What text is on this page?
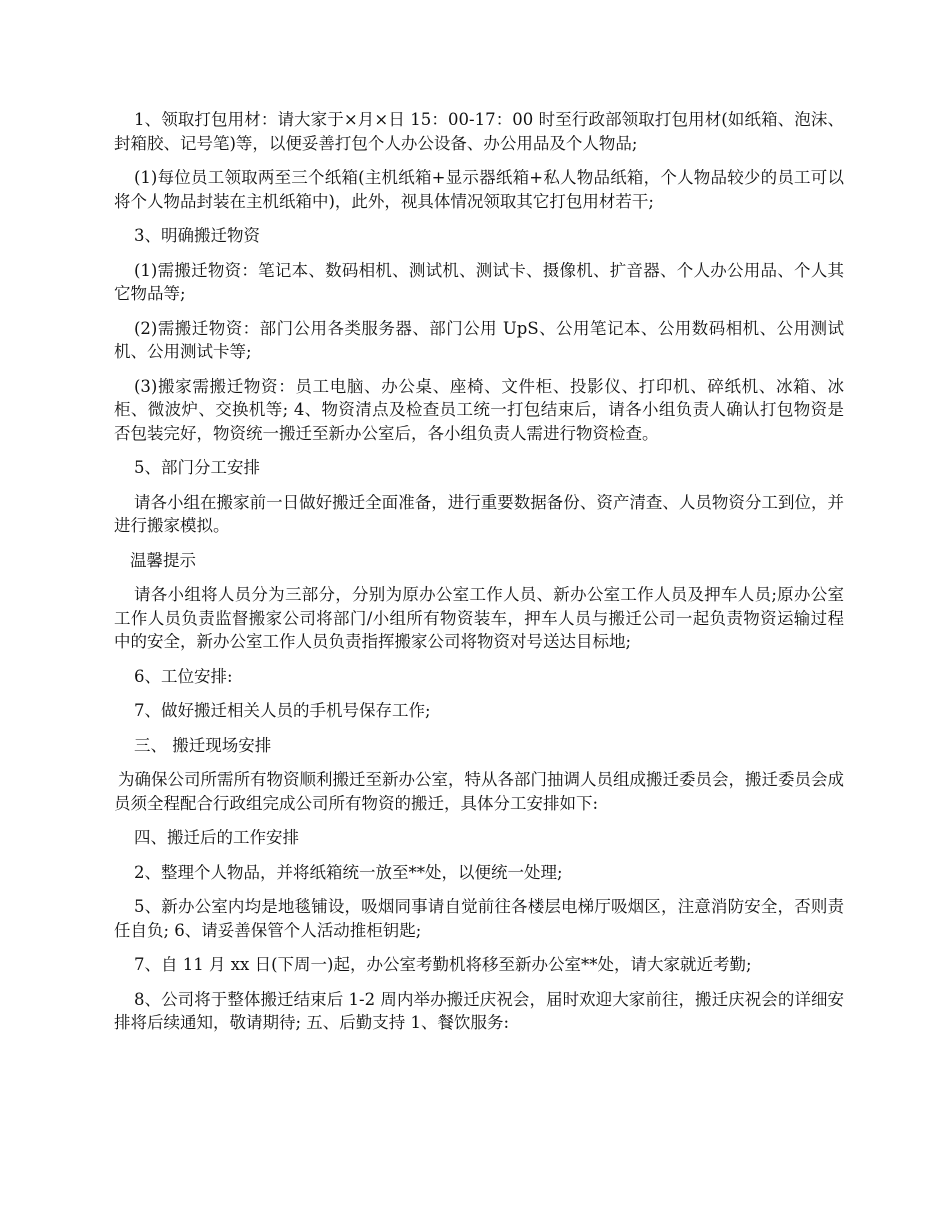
1、领取打包用材：请大家于×月×日 15：00-17：00 时至行政部领取打包用材(如纸箱、泡沫、封箱胶、记号笔)等，以便妥善打包个人办公设备、办公用品及个人物品;

(1)每位员工领取两至三个纸箱(主机纸箱+显示器纸箱+私人物品纸箱，个人物品较少的员工可以将个人物品封装在主机纸箱中)，此外，视具体情况领取其它打包用材若干;

3、明确搬迁物资

(1)需搬迁物资：笔记本、数码相机、测试机、测试卡、摄像机、扩音器、个人办公用品、个人其它物品等;

(2)需搬迁物资：部门公用各类服务器、部门公用 UpS、公用笔记本、公用数码相机、公用测试机、公用测试卡等;

(3)搬家需搬迁物资：员工电脑、办公桌、座椅、文件柜、投影仪、打印机、碎纸机、冰箱、冰柜、微波炉、交换机等; 4、物资清点及检查员工统一打包结束后，请各小组负责人确认打包物资是否包装完好，物资统一搬迁至新办公室后，各小组负责人需进行物资检查。

5、部门分工安排

请各小组在搬家前一日做好搬迁全面准备，进行重要数据备份、资产清查、人员物资分工到位，并进行搬家模拟。

温馨提示

请各小组将人员分为三部分，分别为原办公室工作人员、新办公室工作人员及押车人员;原办公室工作人员负责监督搬家公司将部门/小组所有物资装车，押车人员与搬迁公司一起负责物资运输过程中的安全，新办公室工作人员负责指挥搬家公司将物资对号送达目标地;

6、工位安排:

7、做好搬迁相关人员的手机号保存工作;

三、 搬迁现场安排

为确保公司所需所有物资顺利搬迁至新办公室，特从各部门抽调人员组成搬迁委员会，搬迁委员会成员须全程配合行政组完成公司所有物资的搬迁，具体分工安排如下:

四、搬迁后的工作安排

2、整理个人物品，并将纸箱统一放至**处，以便统一处理;

5、新办公室内均是地毯铺设，吸烟同事请自觉前往各楼层电梯厅吸烟区，注意消防安全，否则责任自负; 6、请妥善保管个人活动推柜钥匙;

7、自 11 月 xx 日(下周一)起，办公室考勤机将移至新办公室**处，请大家就近考勤;

8、公司将于整体搬迁结束后 1-2 周内举办搬迁庆祝会，届时欢迎大家前往，搬迁庆祝会的详细安排将后续通知，敬请期待; 五、后勤支持 1、餐饮服务:
